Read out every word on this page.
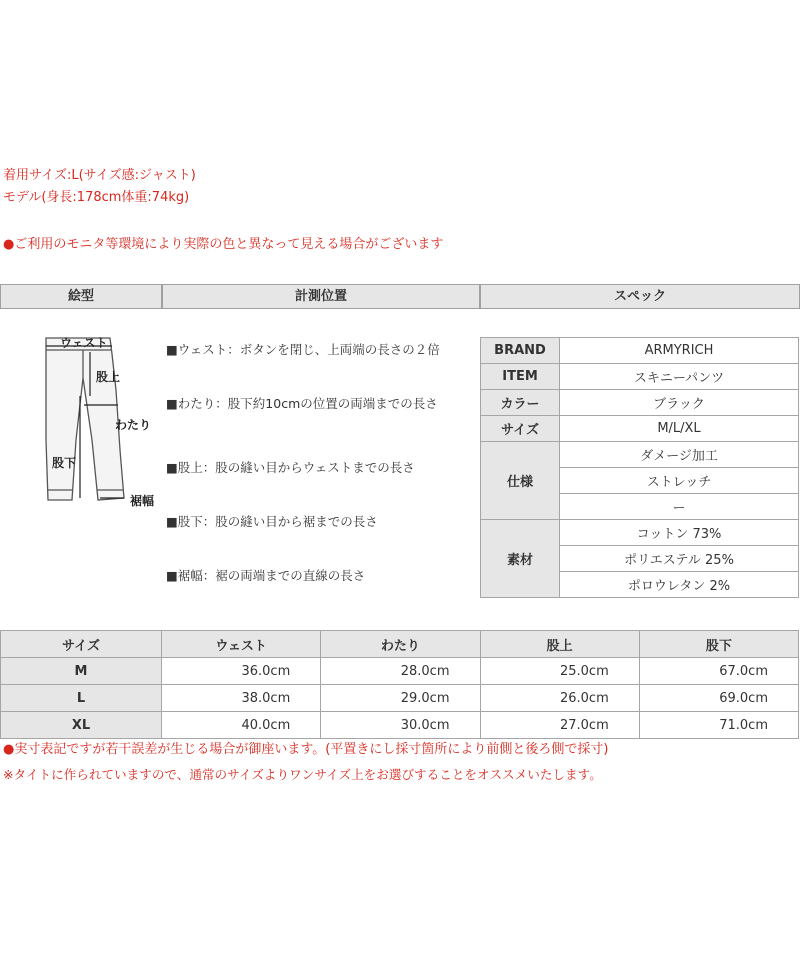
着用サイズ:L(サイズ感:ジャスト)
モデル(身長:178cm体重:74kg)
●ご利用のモニタ等環境により実際の色と異なって見える場合がございます
絵型	計測位置	スペック
ウェスト
股上
わたり
股下
裾幅
■ウェスト：ボタンを閉じ、上両端の長さの２倍
■わたり：股下約10cmの位置の両端までの長さ
■股上：股の縫い目からウェストまでの長さ
■股下：股の縫い目から裾までの長さ
■裾幅：裾の両端までの直線の長さ
BRAND	ARMYRICH
ITEM	スキニーパンツ
カラー	ブラック
サイズ	M/L/XL
仕様	ダメージ加工
	ストレッチ
	ー
素材	コットン 73%
	ポリエステル 25%
	ポロウレタン 2%
サイズ	ウェスト	わたり	股上	股下
M	36.0cm	28.0cm	25.0cm	67.0cm
L	38.0cm	29.0cm	26.0cm	69.0cm
XL	40.0cm	30.0cm	27.0cm	71.0cm
●実寸表記ですが若干誤差が生じる場合が御座います。(平置きにし採寸箇所により前側と後ろ側で採寸)
※タイトに作られていますので、通常のサイズよりワンサイズ上をお選びすることをオススメいたします。
